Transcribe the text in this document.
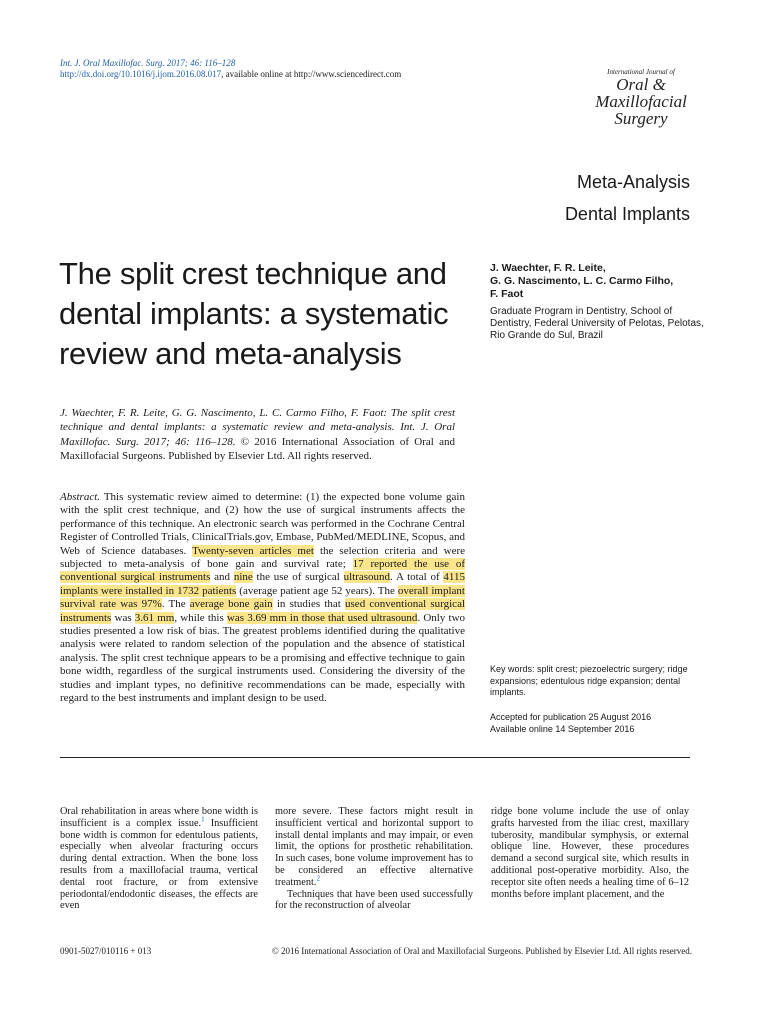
Int. J. Oral Maxillofac. Surg. 2017; 46: 116–128
http://dx.doi.org/10.1016/j.ijom.2016.08.017, available online at http://www.sciencedirect.com	International Journal of
Oral &
Maxillofacial
Surgery
Meta-Analysis
Dental Implants
The split crest technique and dental implants: a systematic review and meta-analysis
J. Waechter, F. R. Leite,
G. G. Nascimento, L. C. Carmo Filho,
F. Faot
Graduate Program in Dentistry, School of Dentistry, Federal University of Pelotas, Pelotas, Rio Grande do Sul, Brazil
J. Waechter, F. R. Leite, G. G. Nascimento, L. C. Carmo Filho, F. Faot: The split crest technique and dental implants: a systematic review and meta-analysis. Int. J. Oral Maxillofac. Surg. 2017; 46: 116–128. © 2016 International Association of Oral and Maxillofacial Surgeons. Published by Elsevier Ltd. All rights reserved.
Abstract. This systematic review aimed to determine: (1) the expected bone volume gain with the split crest technique, and (2) how the use of surgical instruments affects the performance of this technique. An electronic search was performed in the Cochrane Central Register of Controlled Trials, ClinicalTrials.gov, Embase, PubMed/MEDLINE, Scopus, and Web of Science databases. Twenty-seven articles met the selection criteria and were subjected to meta-analysis of bone gain and survival rate; 17 reported the use of conventional surgical instruments and nine the use of surgical ultrasound. A total of 4115 implants were installed in 1732 patients (average patient age 52 years). The overall implant survival rate was 97%. The average bone gain in studies that used conventional surgical instruments was 3.61 mm, while this was 3.69 mm in those that used ultrasound. Only two studies presented a low risk of bias. The greatest problems identified during the qualitative analysis were related to random selection of the population and the absence of statistical analysis. The split crest technique appears to be a promising and effective technique to gain bone width, regardless of the surgical instruments used. Considering the diversity of the studies and implant types, no definitive recommendations can be made, especially with regard to the best instruments and implant design to be used.
Key words: split crest; piezoelectric surgery; ridge expansions; edentulous ridge expansion; dental implants.
Accepted for publication 25 August 2016
Available online 14 September 2016

Oral rehabilitation in areas where bone width is insufficient is a complex issue.$^1$ Insufficient bone width is common for edentulous patients, especially when alveolar fracturing occurs during dental extraction. When the bone loss results from a maxillofacial trauma, vertical dental root fracture, or from extensive periodontal/endodontic diseases, the effects are even

more severe. These factors might result in insufficient vertical and horizontal support to install dental implants and may impair, or even limit, the options for prosthetic rehabilitation. In such cases, bone volume improvement has to be considered an effective alternative treatment.$^2$

Techniques that have been used successfully for the reconstruction of alveolar

ridge bone volume include the use of onlay grafts harvested from the iliac crest, maxillary tuberosity, mandibular symphysis, or external oblique line. However, these procedures demand a second surgical site, which results in additional post-operative morbidity. Also, the receptor site often needs a healing time of 6–12 months before implant placement, and the

0901-5027/010116 + 013	© 2016 International Association of Oral and Maxillofacial Surgeons. Published by Elsevier Ltd. All rights reserved.
